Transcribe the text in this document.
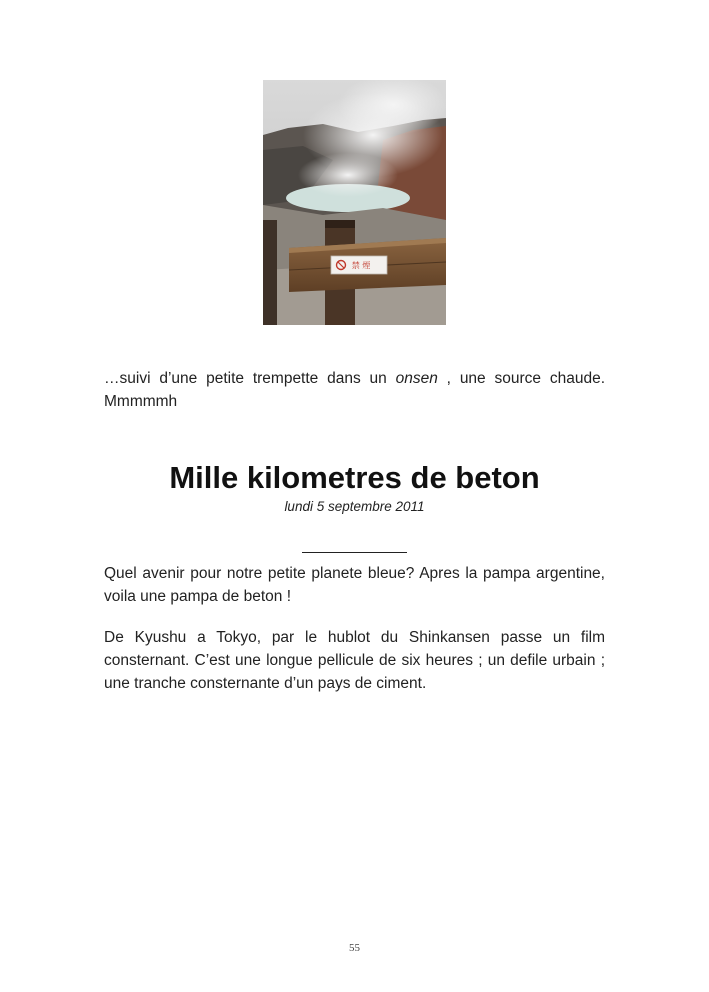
禁 煙

…suivi d’une petite trempette dans un onsen , une source chaude. Mmmmmh

Mille kilometres de beton
lundi 5 septembre 2011

Quel avenir pour notre petite planete bleue? Apres la pampa argentine, voila une pampa de beton !

De Kyushu a Tokyo, par le hublot du Shinkansen passe un film consternant. C’est une longue pellicule de six heures ; un defile urbain ; une tranche consternante d’un pays de ciment.

55
